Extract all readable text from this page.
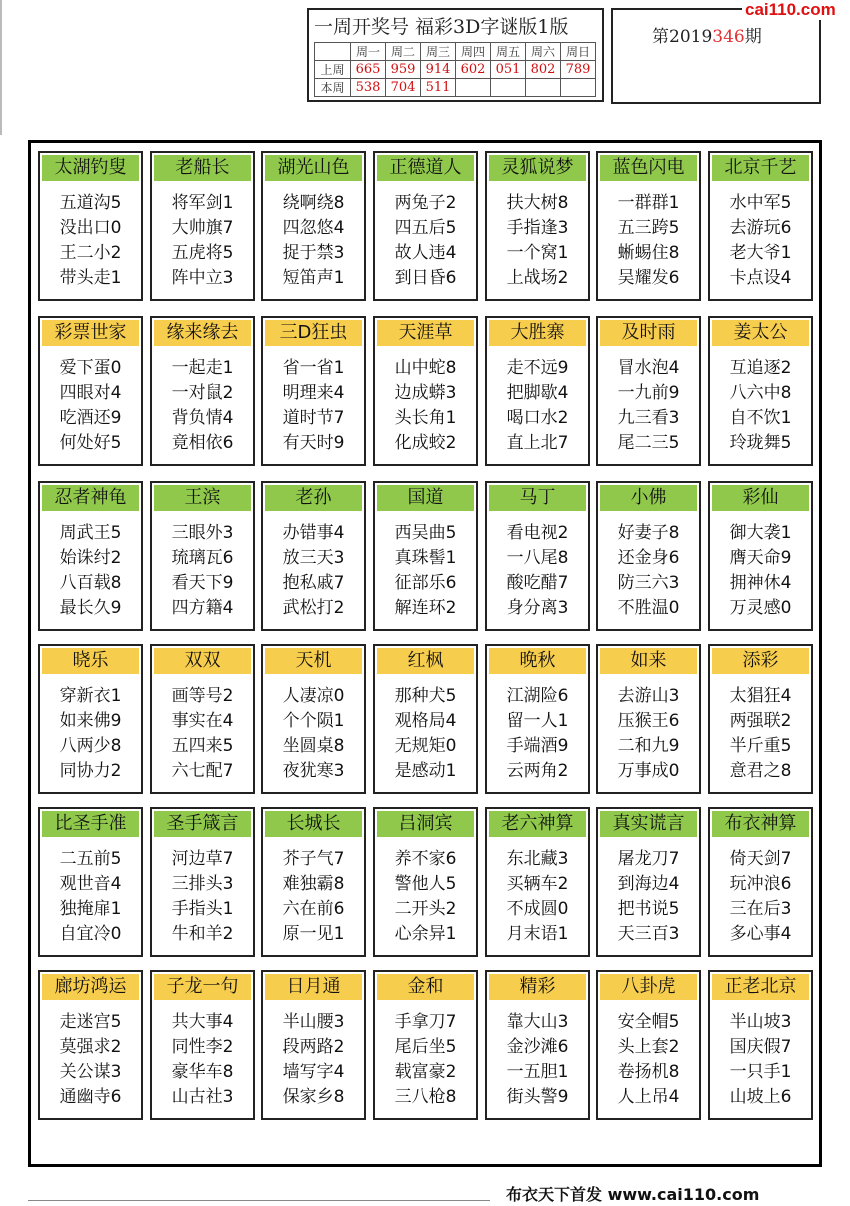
一周开奖号 福彩3D字谜版1版
	周一	周二	周三	周四	周五	周六	周日
上周	665	959	914	602	051	802	789
本周	538	704	511				
第2019346期
cai110.com
太湖钓叟
五道沟5
没出口0
王二小2
带头走1
老船长
将军剑1
大帅旗7
五虎将5
阵中立3
湖光山色
绕啊绕8
四忽悠4
捉于禁3
短笛声1
正德道人
两兔子2
四五后5
故人违4
到日昏6
灵狐说梦
扶大树8
手指逢3
一个窝1
上战场2
蓝色闪电
一群群1
五三跨5
蜥蜴住8
吴耀发6
北京千艺
水中军5
去游玩6
老大爷1
卡点设4
彩票世家
爱下蛋0
四眼对4
吃酒还9
何处好5
缘来缘去
一起走1
一对鼠2
背负情4
竟相依6
三D狂虫
省一省1
明理来4
道时节7
有天时9
天涯草
山中蛇8
边成蟒3
头长角1
化成蛟2
大胜寨
走不远9
把脚歇4
喝口水2
直上北7
及时雨
冒水泡4
一九前9
九三看3
尾二三5
姜太公
互追逐2
八六中8
自不饮1
玲珑舞5
忍者神龟
周武王5
始诛纣2
八百载8
最长久9
王滨
三眼外3
琉璃瓦6
看天下9
四方籍4
老孙
办错事4
放三天3
抱私戚7
武松打2
国道
西吴曲5
真珠髻1
征部乐6
解连环2
马丁
看电视2
一八尾8
酸吃醋7
身分离3
小佛
好妻子8
还金身6
防三六3
不胜温0
彩仙
御大袭1
膺天命9
拥神休4
万灵感0
晓乐
穿新衣1
如来佛9
八两少8
同协力2
双双
画等号2
事实在4
五四来5
六七配7
天机
人凄凉0
个个陨1
坐圆桌8
夜犹寒3
红枫
那种犬5
观格局4
无规矩0
是感动1
晚秋
江湖险6
留一人1
手端酒9
云两角2
如来
去游山3
压猴王6
二和九9
万事成0
添彩
太猖狂4
两强联2
半斤重5
意君之8
比圣手准
二五前5
观世音4
独掩扉1
自宜冷0
圣手箴言
河边草7
三排头3
手指头1
牛和羊2
长城长
芥子气7
难独霸8
六在前6
原一见1
吕洞宾
养不家6
警他人5
二开头2
心余异1
老六神算
东北藏3
买辆车2
不成圆0
月末语1
真实谎言
屠龙刀7
到海边4
把书说5
天三百3
布衣神算
倚天剑7
玩冲浪6
三在后3
多心事4
廊坊鸿运
走迷宫5
莫强求2
关公谋3
通幽寺6
子龙一句
共大事4
同性李2
豪华车8
山古社3
日月通
半山腰3
段两路2
墙写字4
保家乡8
金和
手拿刀7
尾后坐5
载富豪2
三八枪8
精彩
靠大山3
金沙滩6
一五胆1
街头警9
八卦虎
安全帽5
头上套2
卷扬机8
人上吊4
正老北京
半山坡3
国庆假7
一只手1
山坡上6
布衣天下首发 www.cai110.com
